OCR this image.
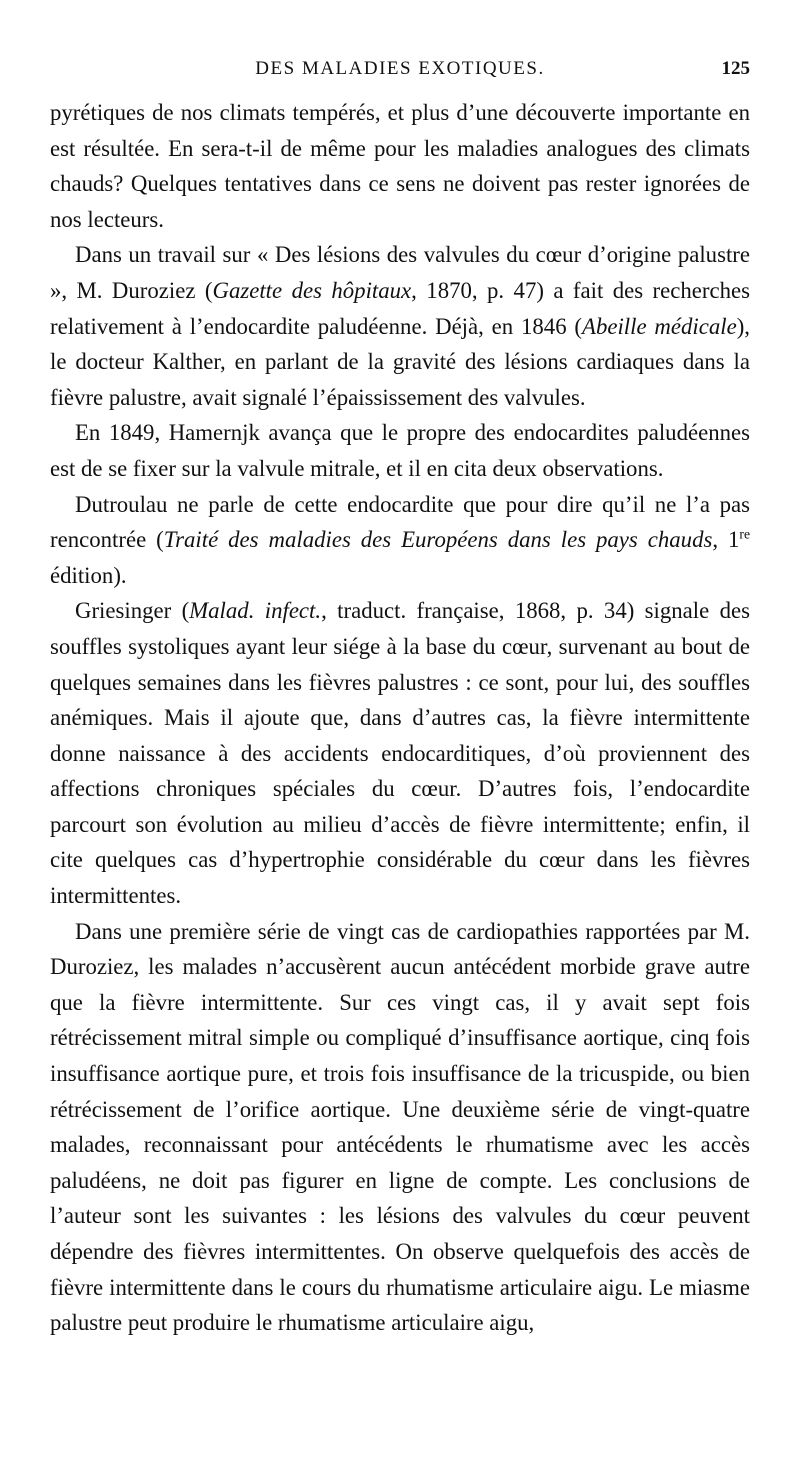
DES MALADIES EXOTIQUES.	125

pyrétiques de nos climats tempérés, et plus d’une découverte importante en est résultée. En sera-t-il de même pour les maladies analogues des climats chauds? Quelques tentatives dans ce sens ne doivent pas rester ignorées de nos lecteurs.

Dans un travail sur « Des lésions des valvules du cœur d’origine palustre », M. Duroziez (Gazette des hôpitaux, 1870, p. 47) a fait des recherches relativement à l’endocardite paludéenne. Déjà, en 1846 (Abeille médicale), le docteur Kalther, en parlant de la gravité des lésions cardiaques dans la fièvre palustre, avait signalé l’épaississement des valvules.

En 1849, Hamernjk avança que le propre des endocardites paludéennes est de se fixer sur la valvule mitrale, et il en cita deux observations.

Dutroulau ne parle de cette endocardite que pour dire qu’il ne l’a pas rencontrée (Traité des maladies des Européens dans les pays chauds, 1re édition).

Griesinger (Malad. infect., traduct. française, 1868, p. 34) signale des souffles systoliques ayant leur siége à la base du cœur, survenant au bout de quelques semaines dans les fièvres palustres : ce sont, pour lui, des souffles anémiques. Mais il ajoute que, dans d’autres cas, la fièvre intermittente donne naissance à des accidents endocarditiques, d’où proviennent des affections chroniques spéciales du cœur. D’autres fois, l’endocardite parcourt son évolution au milieu d’accès de fièvre intermittente; enfin, il cite quelques cas d’hypertrophie considérable du cœur dans les fièvres intermittentes.

Dans une première série de vingt cas de cardiopathies rapportées par M. Duroziez, les malades n’accusèrent aucun antécédent morbide grave autre que la fièvre intermittente. Sur ces vingt cas, il y avait sept fois rétrécissement mitral simple ou compliqué d’insuffisance aortique, cinq fois insuffisance aortique pure, et trois fois insuffisance de la tricuspide, ou bien rétrécissement de l’orifice aortique. Une deuxième série de vingt-quatre malades, reconnaissant pour antécédents le rhumatisme avec les accès paludéens, ne doit pas figurer en ligne de compte. Les conclusions de l’auteur sont les suivantes : les lésions des valvules du cœur peuvent dépendre des fièvres intermittentes. On observe quelquefois des accès de fièvre intermittente dans le cours du rhumatisme articulaire aigu. Le miasme palustre peut produire le rhumatisme articulaire aigu,
